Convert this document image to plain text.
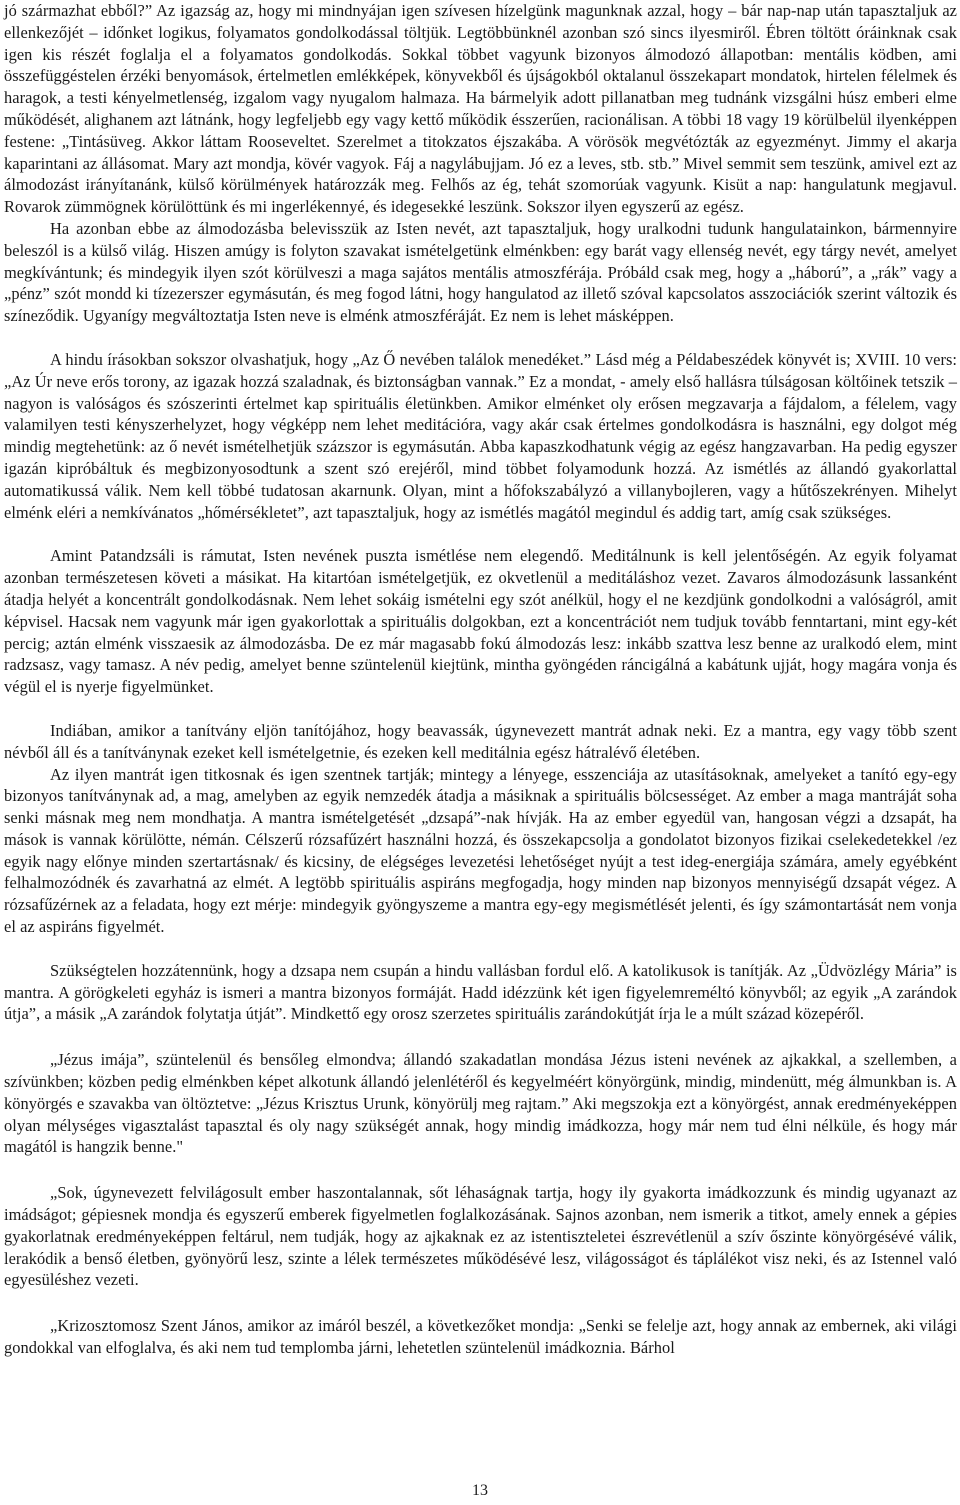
jó származhat ebből?” Az igazság az, hogy mi mindnyájan igen szívesen hízelgünk magunknak azzal, hogy – bár nap-nap után tapasztaljuk az ellenkezőjét – időnket logikus, folyamatos gondolkodással töltjük. Legtöbbünknél azonban szó sincs ilyesmiről. Ébren töltött óráinknak csak igen kis részét foglalja el a folyamatos gondolkodás. Sokkal többet vagyunk bizonyos álmodozó állapotban: mentális ködben, ami összefüggéstelen érzéki benyomások, értelmetlen emlékképek, könyvekből és újságokból oktalanul összekapart mondatok, hirtelen félelmek és haragok, a testi kényelmetlenség, izgalom vagy nyugalom halmaza. Ha bármelyik adott pillanatban meg tudnánk vizsgálni húsz emberi elme működését, alighanem azt látnánk, hogy legfeljebb egy vagy kettő működik ésszerűen, racionálisan. A többi 18 vagy 19 körülbelül ilyenképpen festene: „Tintásüveg. Akkor láttam Rooseveltet. Szerelmet a titokzatos éjszakába. A vörösök megvétózták az egyezményt. Jimmy el akarja kaparintani az állásomat. Mary azt mondja, kövér vagyok. Fáj a nagylábujjam. Jó ez a leves, stb. stb.” Mivel semmit sem teszünk, amivel ezt az álmodozást irányítanánk, külső körülmények határozzák meg. Felhős az ég, tehát szomorúak vagyunk. Kisüt a nap: hangulatunk megjavul. Rovarok zümmögnek körülöttünk és mi ingerlékennyé, és idegesekké leszünk. Sokszor ilyen egyszerű az egész.

Ha azonban ebbe az álmodozásba belevisszük az Isten nevét, azt tapasztaljuk, hogy uralkodni tudunk hangulatainkon, bármennyire beleszól is a külső világ. Hiszen amúgy is folyton szavakat ismételgetünk elménkben: egy barát vagy ellenség nevét, egy tárgy nevét, amelyet megkívántunk; és mindegyik ilyen szót körülveszi a maga sajátos mentális atmoszférája. Próbáld csak meg, hogy a „háború”, a „rák” vagy a „pénz” szót mondd ki tízezerszer egymásután, és meg fogod látni, hogy hangulatod az illető szóval kapcsolatos asszociációk szerint változik és színeződik. Ugyanígy megváltoztatja Isten neve is elménk atmoszféráját. Ez nem is lehet másképpen.

A hindu írásokban sokszor olvashatjuk, hogy „Az Ő nevében találok menedéket.” Lásd még a Példabeszédek könyvét is; XVIII. 10 vers: „Az Úr neve erős torony, az igazak hozzá szaladnak, és biztonságban vannak.” Ez a mondat, - amely első hallásra túlságosan költőinek tetszik – nagyon is valóságos és szószerinti értelmet kap spirituális életünkben. Amikor elménket oly erősen megzavarja a fájdalom, a félelem, vagy valamilyen testi kényszerhelyzet, hogy végképp nem lehet meditációra, vagy akár csak értelmes gondolkodásra is használni, egy dolgot még mindig megtehetünk: az ő nevét ismételhetjük százszor is egymásután. Abba kapaszkodhatunk végig az egész hangzavarban. Ha pedig egyszer igazán kipróbáltuk és megbizonyosodtunk a szent szó erejéről, mind többet folyamodunk hozzá. Az ismétlés az állandó gyakorlattal automatikussá válik. Nem kell többé tudatosan akarnunk. Olyan, mint a hőfokszabályzó a villanybojleren, vagy a hűtőszekrényen. Mihelyt elménk eléri a nemkívánatos „hőmérsékletet”, azt tapasztaljuk, hogy az ismétlés magától megindul és addig tart, amíg csak szükséges.

Amint Patandzsáli is rámutat, Isten nevének puszta ismétlése nem elegendő. Meditálnunk is kell jelentőségén. Az egyik folyamat azonban természetesen követi a másikat. Ha kitartóan ismételgetjük, ez okvetlenül a meditáláshoz vezet. Zavaros álmodozásunk lassanként átadja helyét a koncentrált gondolkodásnak. Nem lehet sokáig ismételni egy szót anélkül, hogy el ne kezdjünk gondolkodni a valóságról, amit képvisel. Hacsak nem vagyunk már igen gyakorlottak a spirituális dolgokban, ezt a koncentrációt nem tudjuk tovább fenntartani, mint egy-két percig; aztán elménk visszaesik az álmodozásba. De ez már magasabb fokú álmodozás lesz: inkább szattva lesz benne az uralkodó elem, mint radzsasz, vagy tamasz. A név pedig, amelyet benne szüntelenül kiejtünk, mintha gyöngéden ráncigálná a kabátunk ujját, hogy magára vonja és végül el is nyerje figyelmünket.

Indiában, amikor a tanítvány eljön tanítójához, hogy beavassák, úgynevezett mantrát adnak neki. Ez a mantra, egy vagy több szent névből áll és a tanítványnak ezeket kell ismételgetnie, és ezeken kell meditálnia egész hátralévő életében.

Az ilyen mantrát igen titkosnak és igen szentnek tartják; mintegy a lényege, esszenciája az utasításoknak, amelyeket a tanító egy-egy bizonyos tanítványnak ad, a mag, amelyben az egyik nemzedék átadja a másiknak a spirituális bölcsességet. Az ember a maga mantráját soha senki másnak meg nem mondhatja. A mantra ismételgetését „dzsapá”-nak hívják. Ha az ember egyedül van, hangosan végzi a dzsapát, ha mások is vannak körülötte, némán. Célszerű rózsafűzért használni hozzá, és összekapcsolja a gondolatot bizonyos fizikai cselekedetekkel /ez egyik nagy előnye minden szertartásnak/ és kicsiny, de elégséges levezetési lehetőséget nyújt a test ideg-energiája számára, amely egyébként felhalmozódnék és zavarhatná az elmét. A legtöbb spirituális aspiráns megfogadja, hogy minden nap bizonyos mennyiségű dzsapát végez. A rózsafűzérnek az a feladata, hogy ezt mérje: mindegyik gyöngyszeme a mantra egy-egy megismétlését jelenti, és így számontartását nem vonja el az aspiráns figyelmét.

Szükségtelen hozzátennünk, hogy a dzsapa nem csupán a hindu vallásban fordul elő. A katolikusok is tanítják. Az „Üdvözlégy Mária” is mantra. A görögkeleti egyház is ismeri a mantra bizonyos formáját. Hadd idézzünk két igen figyelemreméltó könyvből; az egyik „A zarándok útja”, a másik „A zarándok folytatja útját”. Mindkettő egy orosz szerzetes spirituális zarándokútját írja le a múlt század közepéről.

„Jézus imája”, szüntelenül és bensőleg elmondva; állandó szakadatlan mondása Jézus isteni nevének az ajkakkal, a szellemben, a szívünkben; közben pedig elménkben képet alkotunk állandó jelenlétéről és kegyelméért könyörgünk, mindig, mindenütt, még álmunkban is. A könyörgés e szavakba van öltöztetve: „Jézus Krisztus Urunk, könyörülj meg rajtam.” Aki megszokja ezt a könyörgést, annak eredményeképpen olyan mélységes vigasztalást tapasztal és oly nagy szükségét annak, hogy mindig imádkozza, hogy már nem tud élni nélküle, és hogy már magától is hangzik benne."

„Sok, úgynevezett felvilágosult ember haszontalannak, sőt léhaságnak tartja, hogy ily gyakorta imádkozzunk és mindig ugyanazt az imádságot; gépiesnek mondja és egyszerű emberek figyelmetlen foglalkozásának. Sajnos azonban, nem ismerik a titkot, amely ennek a gépies gyakorlatnak eredményeképpen feltárul, nem tudják, hogy az ajkaknak ez az istentiszteletei észrevétlenül a szív őszinte könyörgésévé válik, lerakódik a benső életben, gyönyörű lesz, szinte a lélek természetes működésévé lesz, világosságot és táplálékot visz neki, és az Istennel való egyesüléshez vezeti.

„Krizosztomosz Szent János, amikor az imáról beszél, a következőket mondja: „Senki se felelje azt, hogy annak az embernek, aki világi gondokkal van elfoglalva, és aki nem tud templomba járni, lehetetlen szüntelenül imádkoznia. Bárhol

13
